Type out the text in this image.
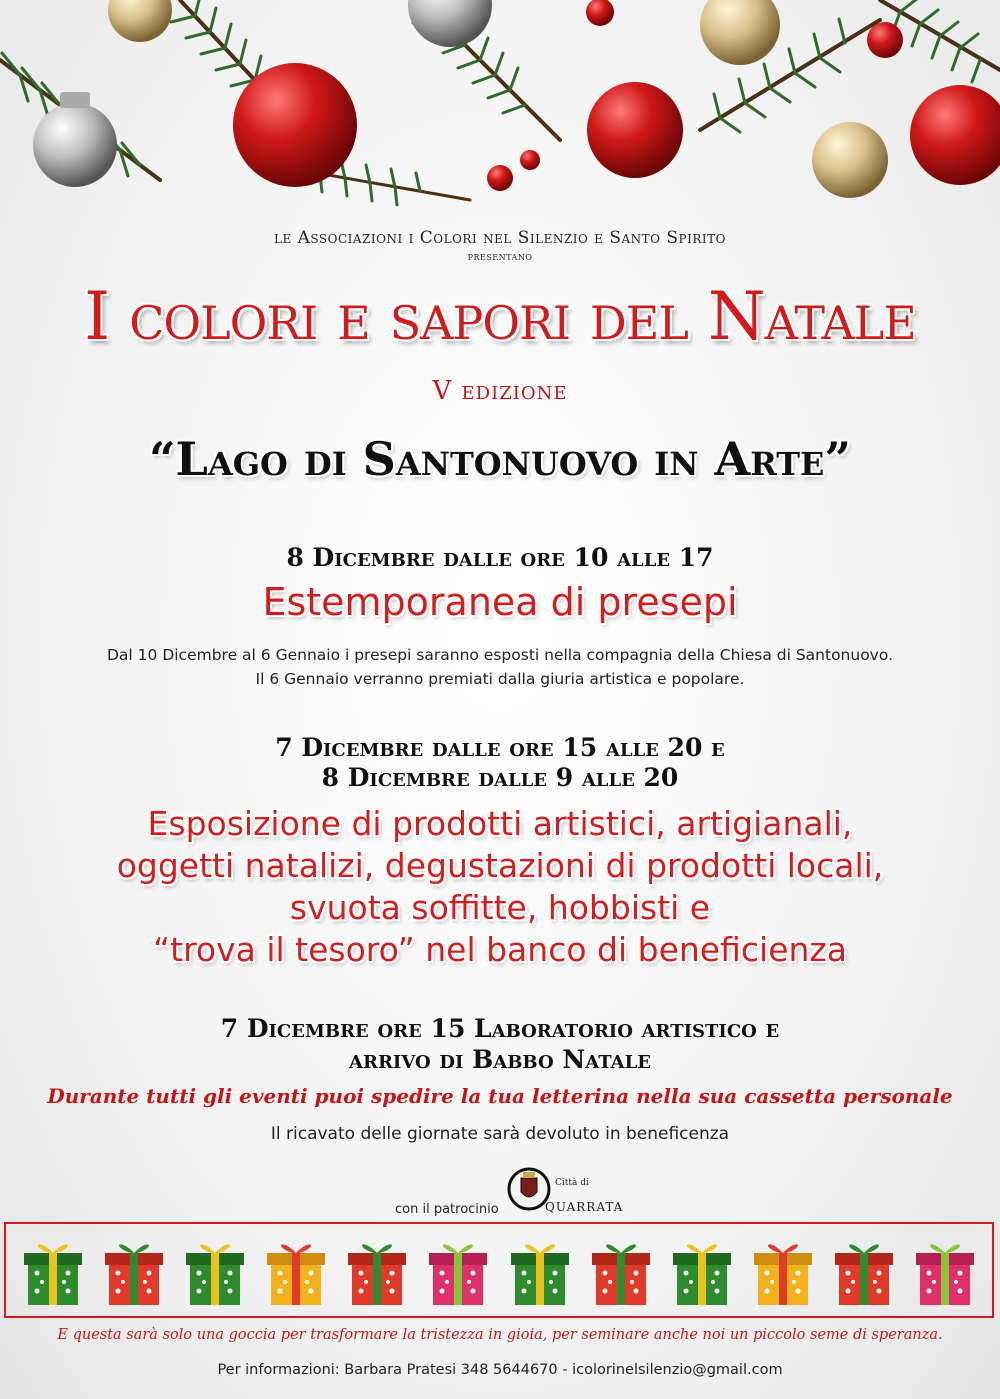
le Associazioni i Colori nel Silenzio e Santo Spirito
presentano
I colori e sapori del Natale
V edizione
“Lago di Santonuovo in Arte”
8 Dicembre dalle ore 10 alle 17
Estemporanea di presepi
Dal 10 Dicembre al 6 Gennaio i presepi saranno esposti nella compagnia della Chiesa di Santonuovo.
Il 6 Gennaio verranno premiati dalla giuria artistica e popolare.
7 Dicembre dalle ore 15 alle 20 e
8 Dicembre dalle 9 alle 20
Esposizione di prodotti artistici, artigianali,
oggetti natalizi, degustazioni di prodotti locali,
svuota soffitte, hobbisti e
“trova il tesoro” nel banco di beneficienza
7 Dicembre ore 15 Laboratorio artistico e
arrivo di Babbo Natale
Durante tutti gli eventi puoi spedire la tua letterina nella sua cassetta personale
Il ricavato delle giornate sarà devoluto in beneficenza
con il patrocinio
Città di
QUARRATA
E questa sarà solo una goccia per trasformare la tristezza in gioia, per seminare anche noi un piccolo seme di speranza.
Per informazioni: Barbara Pratesi 348 5644670 - icolorinelsilenzio@gmail.com
